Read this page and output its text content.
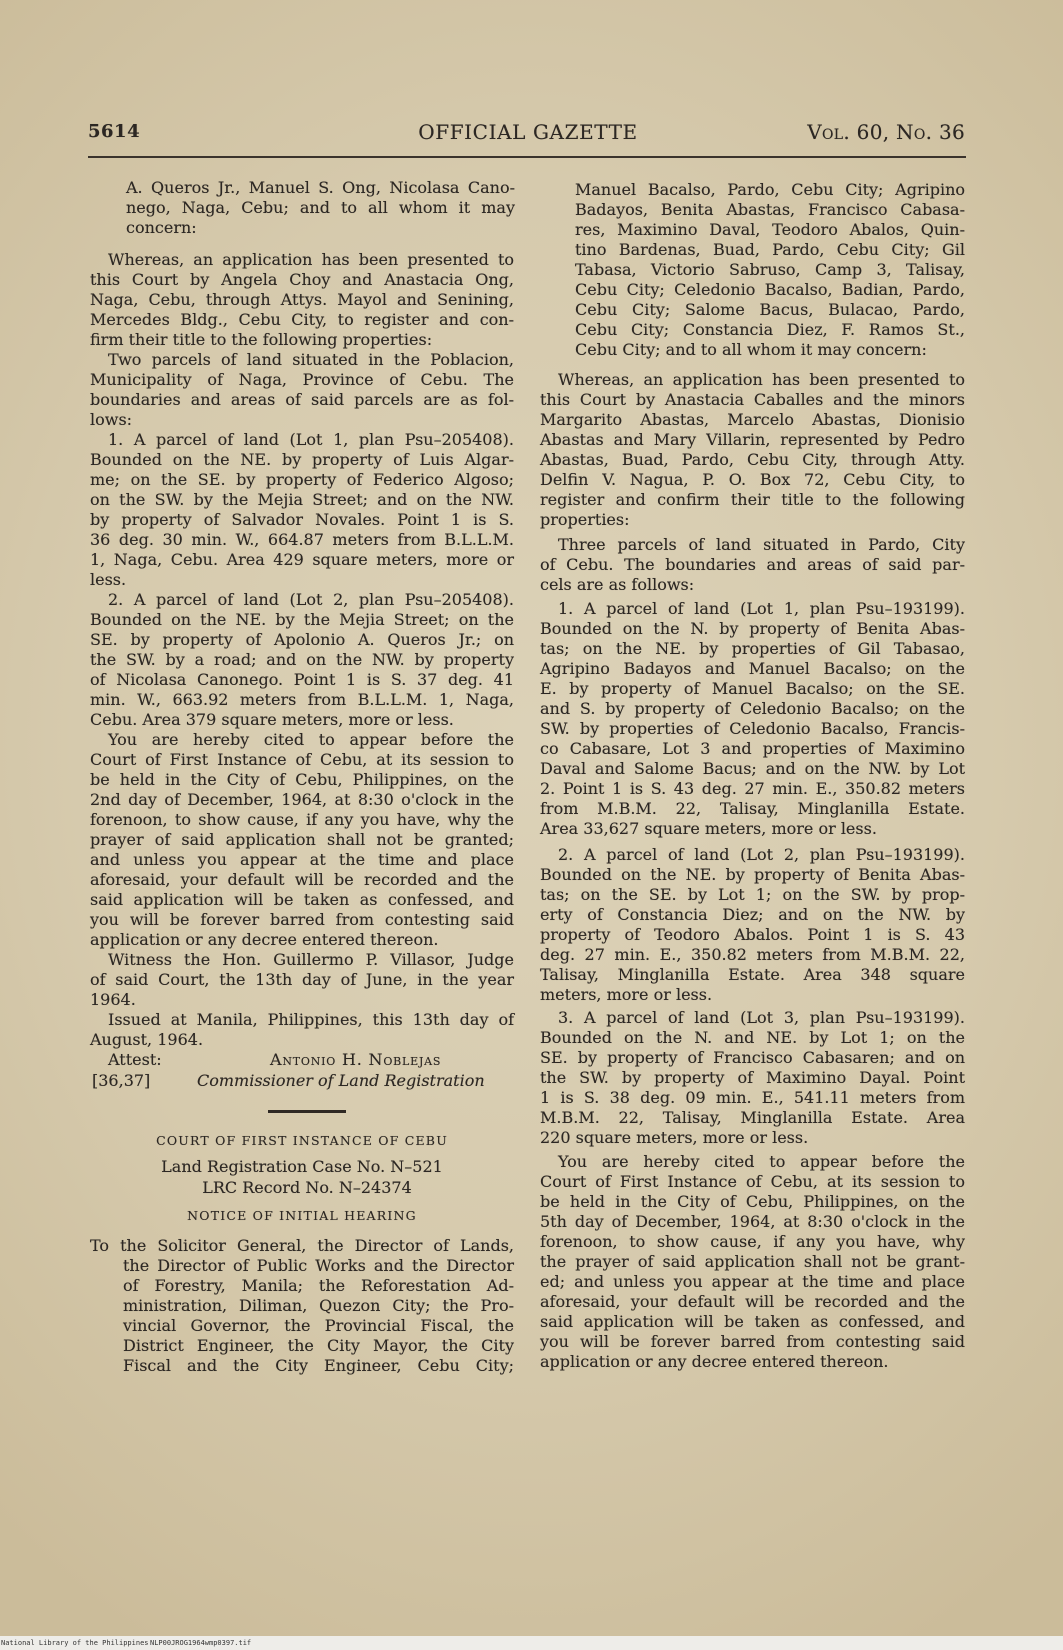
5614	OFFICIAL GAZETTE	Vol. 60, No. 36
A. Queros Jr., Manuel S. Ong, Nicolasa Cano-
nego, Naga, Cebu; and to all whom it may
concern:
Whereas, an application has been presented to
this Court by Angela Choy and Anastacia Ong,
Naga, Cebu, through Attys. Mayol and Senining,
Mercedes Bldg., Cebu City, to register and con-
firm their title to the following properties:
Two parcels of land situated in the Poblacion,
Municipality of Naga, Province of Cebu. The
boundaries and areas of said parcels are as fol-
lows:
1. A parcel of land (Lot 1, plan Psu–205408).
Bounded on the NE. by property of Luis Algar-
me; on the SE. by property of Federico Algoso;
on the SW. by the Mejia Street; and on the NW.
by property of Salvador Novales. Point 1 is S.
36 deg. 30 min. W., 664.87 meters from B.L.L.M.
1, Naga, Cebu. Area 429 square meters, more or
less.
2. A parcel of land (Lot 2, plan Psu–205408).
Bounded on the NE. by the Mejia Street; on the
SE. by property of Apolonio A. Queros Jr.; on
the SW. by a road; and on the NW. by property
of Nicolasa Canonego. Point 1 is S. 37 deg. 41
min. W., 663.92 meters from B.L.L.M. 1, Naga,
Cebu. Area 379 square meters, more or less.
You are hereby cited to appear before the
Court of First Instance of Cebu, at its session to
be held in the City of Cebu, Philippines, on the
2nd day of December, 1964, at 8:30 o'clock in the
forenoon, to show cause, if any you have, why the
prayer of said application shall not be granted;
and unless you appear at the time and place
aforesaid, your default will be recorded and the
said application will be taken as confessed, and
you will be forever barred from contesting said
application or any decree entered thereon.
Witness the Hon. Guillermo P. Villasor, Judge
of said Court, the 13th day of June, in the year
1964.
Issued at Manila, Philippines, this 13th day of
August, 1964.
Attest:	Antonio H. Noblejas
[36,37]	Commissioner of Land Registration
COURT OF FIRST INSTANCE OF CEBU
Land Registration Case No. N–521
LRC Record No. N–24374
NOTICE OF INITIAL HEARING
To the Solicitor General, the Director of Lands,
the Director of Public Works and the Director
of Forestry, Manila; the Reforestation Ad-
ministration, Diliman, Quezon City; the Pro-
vincial Governor, the Provincial Fiscal, the
District Engineer, the City Mayor, the City
Fiscal and the City Engineer, Cebu City;
Manuel Bacalso, Pardo, Cebu City; Agripino
Badayos, Benita Abastas, Francisco Cabasa-
res, Maximino Daval, Teodoro Abalos, Quin-
tino Bardenas, Buad, Pardo, Cebu City; Gil
Tabasa, Victorio Sabruso, Camp 3, Talisay,
Cebu City; Celedonio Bacalso, Badian, Pardo,
Cebu City; Salome Bacus, Bulacao, Pardo,
Cebu City; Constancia Diez, F. Ramos St.,
Cebu City; and to all whom it may concern:
Whereas, an application has been presented to
this Court by Anastacia Caballes and the minors
Margarito Abastas, Marcelo Abastas, Dionisio
Abastas and Mary Villarin, represented by Pedro
Abastas, Buad, Pardo, Cebu City, through Atty.
Delfin V. Nagua, P. O. Box 72, Cebu City, to
register and confirm their title to the following
properties:
Three parcels of land situated in Pardo, City
of Cebu. The boundaries and areas of said par-
cels are as follows:
1. A parcel of land (Lot 1, plan Psu–193199).
Bounded on the N. by property of Benita Abas-
tas; on the NE. by properties of Gil Tabasao,
Agripino Badayos and Manuel Bacalso; on the
E. by property of Manuel Bacalso; on the SE.
and S. by property of Celedonio Bacalso; on the
SW. by properties of Celedonio Bacalso, Francis-
co Cabasare, Lot 3 and properties of Maximino
Daval and Salome Bacus; and on the NW. by Lot
2. Point 1 is S. 43 deg. 27 min. E., 350.82 meters
from M.B.M. 22, Talisay, Minglanilla Estate.
Area 33,627 square meters, more or less.
2. A parcel of land (Lot 2, plan Psu–193199).
Bounded on the NE. by property of Benita Abas-
tas; on the SE. by Lot 1; on the SW. by prop-
erty of Constancia Diez; and on the NW. by
property of Teodoro Abalos. Point 1 is S. 43
deg. 27 min. E., 350.82 meters from M.B.M. 22,
Talisay, Minglanilla Estate. Area 348 square
meters, more or less.
3. A parcel of land (Lot 3, plan Psu–193199).
Bounded on the N. and NE. by Lot 1; on the
SE. by property of Francisco Cabasaren; and on
the SW. by property of Maximino Dayal. Point
1 is S. 38 deg. 09 min. E., 541.11 meters from
M.B.M. 22, Talisay, Minglanilla Estate. Area
220 square meters, more or less.
You are hereby cited to appear before the
Court of First Instance of Cebu, at its session to
be held in the City of Cebu, Philippines, on the
5th day of December, 1964, at 8:30 o'clock in the
forenoon, to show cause, if any you have, why
the prayer of said application shall not be grant-
ed; and unless you appear at the time and place
aforesaid, your default will be recorded and the
said application will be taken as confessed, and
you will be forever barred from contesting said
application or any decree entered thereon.
National Library of the Philippines NLP00JROG1964wmp0397.tif
